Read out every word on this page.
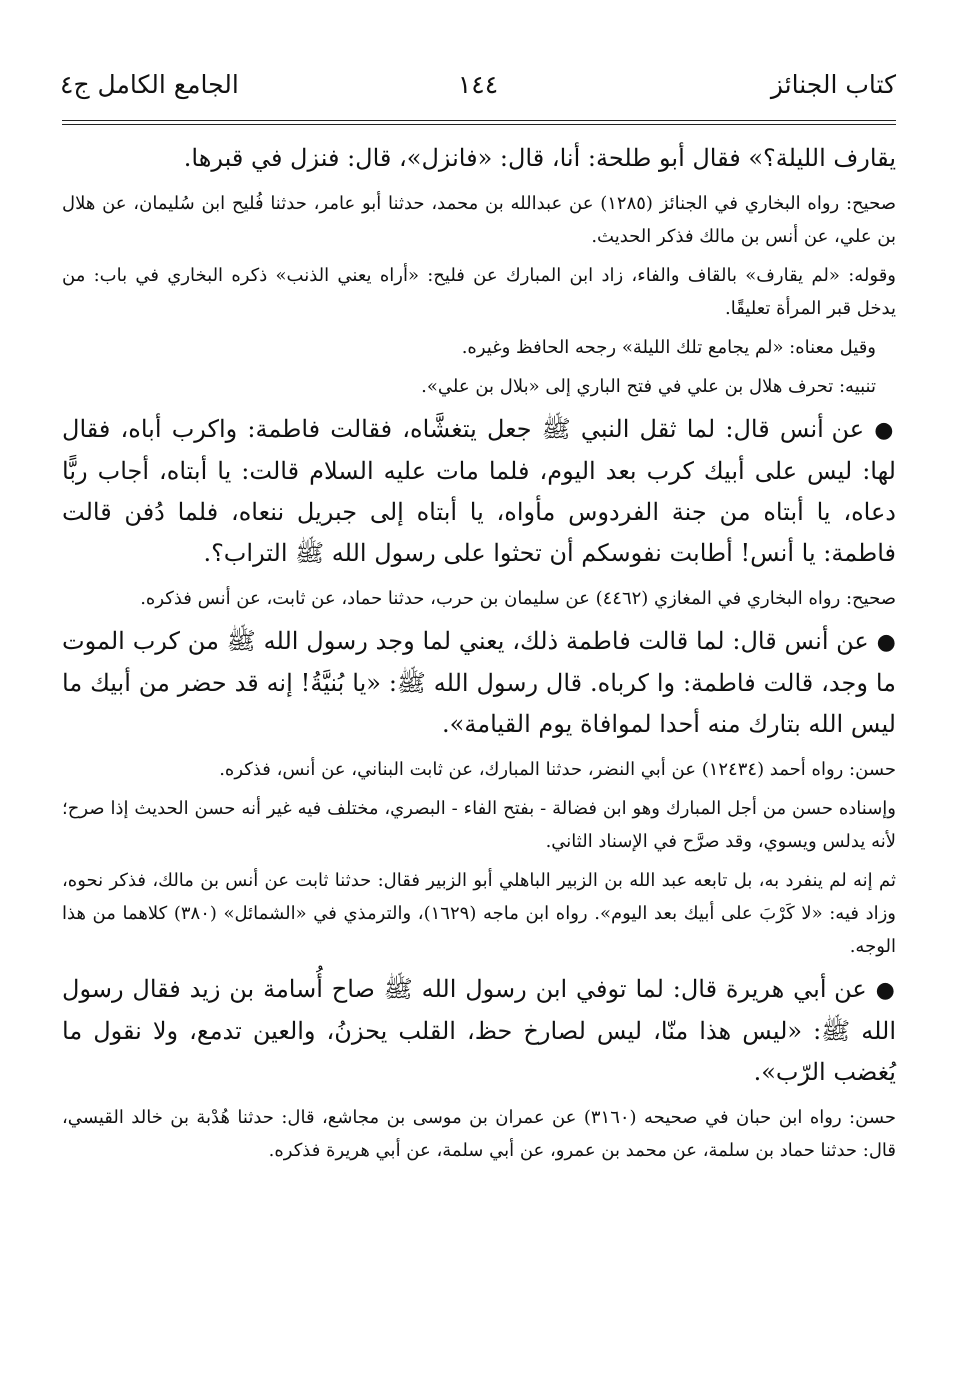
كتاب الجنائز
١٤٤
الجامع الكامل ج٤

يقارف الليلة؟» فقال أبو طلحة: أنا، قال: «فانزل»، قال: فنزل في قبرها.

صحيح: رواه البخاري في الجنائز (١٢٨٥) عن عبدالله بن محمد، حدثنا أبو عامر، حدثنا فُليح ابن سُليمان، عن هلال بن علي، عن أنس بن مالك فذكر الحديث.

وقوله: «لم يقارف» بالقاف والفاء، زاد ابن المبارك عن فليح: «أراه يعني الذنب» ذكره البخاري في باب: من يدخل قبر المرأة تعليقًا.

وقيل معناه: «لم يجامع تلك الليلة» رجحه الحافظ وغيره.

تنبيه: تحرف هلال بن علي في فتح الباري إلى «بلال بن علي».

● عن أنس قال: لما ثقل النبي ﷺ جعل يتغشَّاه، فقالت فاطمة: واكرب أباه، فقال لها: ليس على أبيك كرب بعد اليوم، فلما مات عليه السلام قالت: يا أبتاه، أجاب ربًّا دعاه، يا أبتاه من جنة الفردوس مأواه، يا أبتاه إلى جبريل ننعاه، فلما دُفن قالت فاطمة: يا أنس! أطابت نفوسكم أن تحثوا على رسول الله ﷺ التراب؟.

صحيح: رواه البخاري في المغازي (٤٤٦٢) عن سليمان بن حرب، حدثنا حماد، عن ثابت، عن أنس فذكره.

● عن أنس قال: لما قالت فاطمة ذلك، يعني لما وجد رسول الله ﷺ من كرب الموت ما وجد، قالت فاطمة: وا كرباه. قال رسول الله ﷺ: «يا بُنيَّةُ! إنه قد حضر من أبيك ما ليس الله بتارك منه أحدا لموافاة يوم القيامة».

حسن: رواه أحمد (١٢٤٣٤) عن أبي النضر، حدثنا المبارك، عن ثابت البناني، عن أنس، فذكره.

وإسناده حسن من أجل المبارك وهو ابن فضالة - بفتح الفاء - البصري، مختلف فيه غير أنه حسن الحديث إذا صرح؛ لأنه يدلس ويسوي، وقد صرَّح في الإسناد الثاني.

ثم إنه لم ينفرد به، بل تابعه عبد الله بن الزبير الباهلي أبو الزبير فقال: حدثنا ثابت عن أنس بن مالك، فذكر نحوه، وزاد فيه: «لا كَرْبَ على أبيك بعد اليوم». رواه ابن ماجه (١٦٢٩)، والترمذي في «الشمائل» (٣٨٠) كلاهما من هذا الوجه.

● عن أبي هريرة قال: لما توفي ابن رسول الله ﷺ صاح أُسامة بن زيد فقال رسول الله ﷺ: «ليس هذا منّا، ليس لصارخ حظ، القلب يحزنُ، والعين تدمع، ولا نقول ما يُغضب الرّب».

حسن: رواه ابن حبان في صحيحه (٣١٦٠) عن عمران بن موسى بن مجاشع، قال: حدثنا هُدْبة بن خالد القيسي، قال: حدثنا حماد بن سلمة، عن محمد بن عمرو، عن أبي سلمة، عن أبي هريرة فذكره.
